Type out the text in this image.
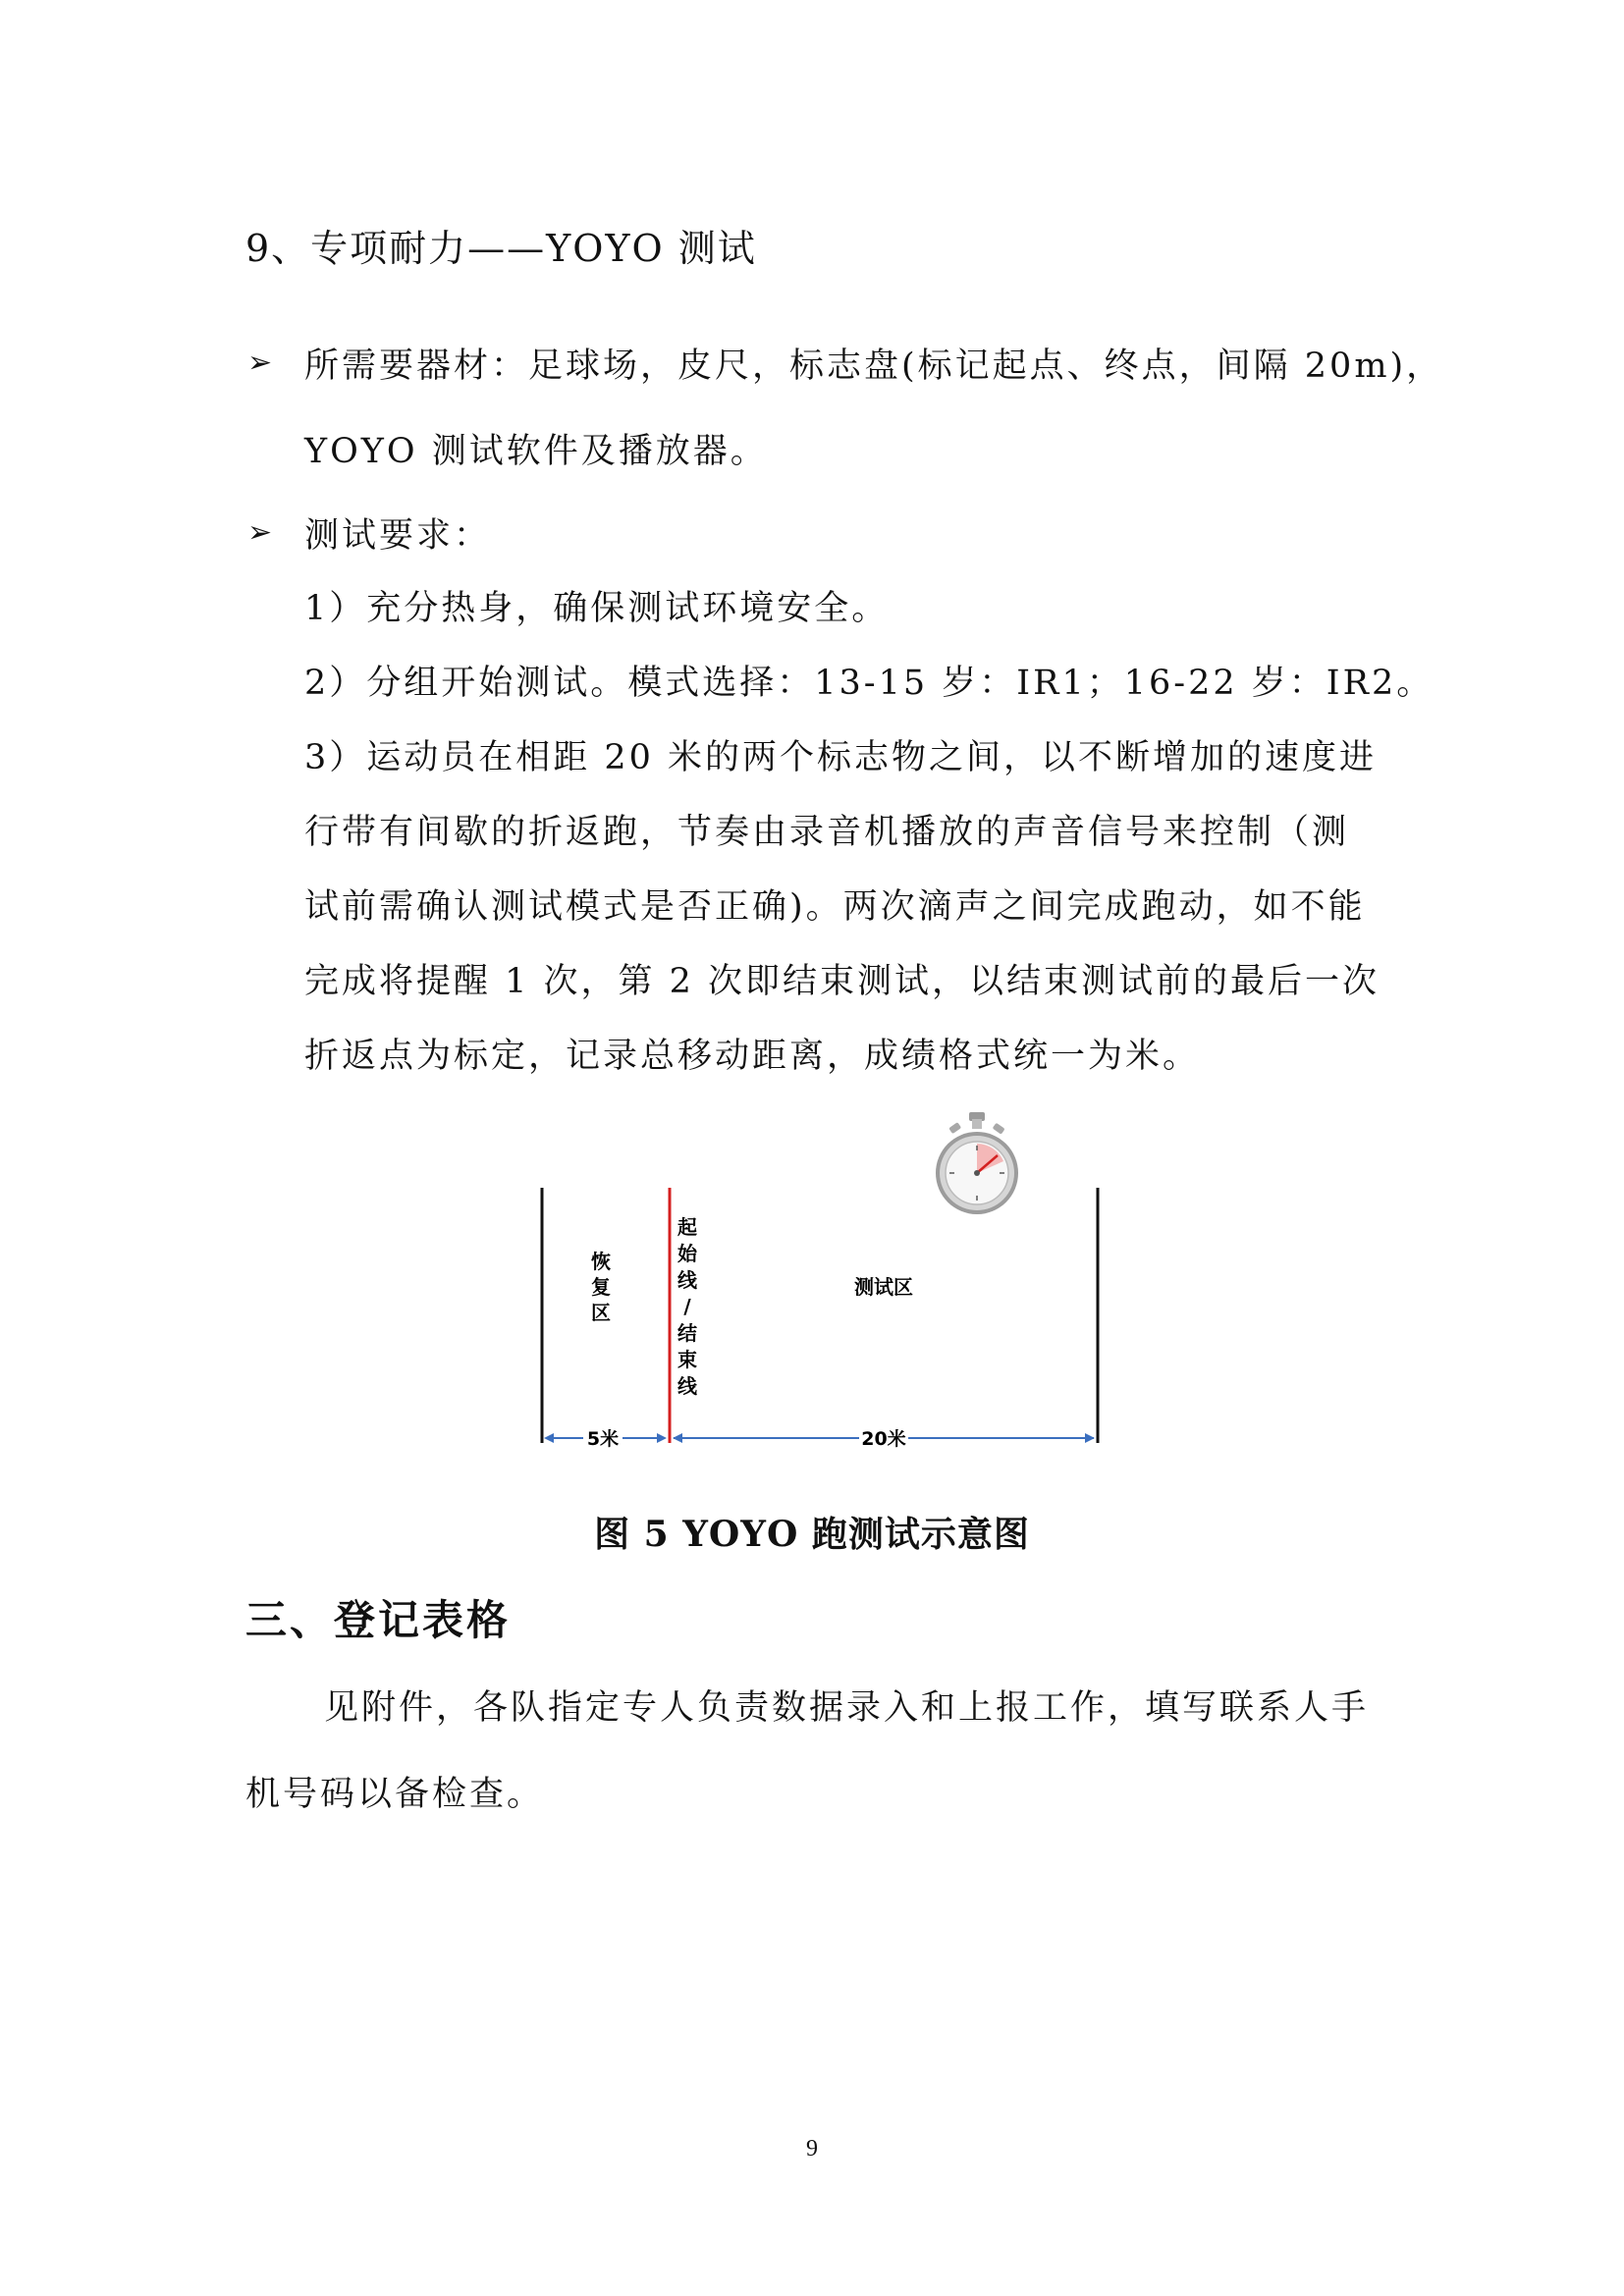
9、专项耐力——YOYO 测试
➢ 所需要器材：足球场，皮尺，标志盘(标记起点、终点，间隔 20m)，
YOYO 测试软件及播放器。
➢ 测试要求：
1）充分热身，确保测试环境安全。
2）分组开始测试。模式选择：13-15 岁：IR1；16-22 岁：IR2。
3）运动员在相距 20 米的两个标志物之间，以不断增加的速度进
行带有间歇的折返跑，节奏由录音机播放的声音信号来控制（测
试前需确认测试模式是否正确)。两次滴声之间完成跑动，如不能
完成将提醒 1 次，第 2 次即结束测试，以结束测试前的最后一次
折返点为标定，记录总移动距离，成绩格式统一为米。
恢
复
区
起
始
线
/
结
束
线
测试区
5米	20米
图 5 YOYO 跑测试示意图
三、登记表格
见附件，各队指定专人负责数据录入和上报工作，填写联系人手
机号码以备检查。
9
